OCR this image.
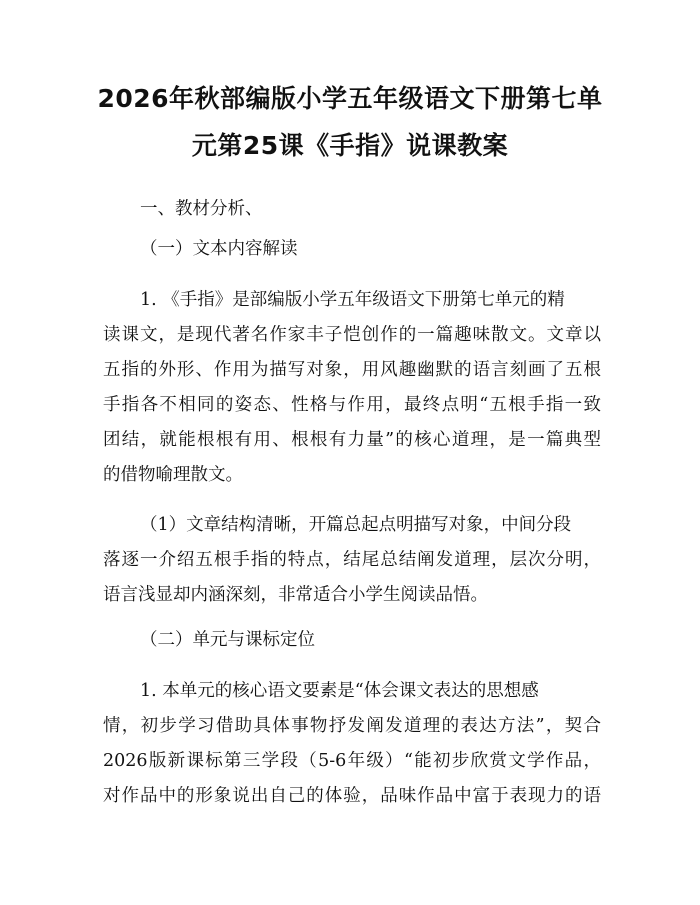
2026年秋部编版小学五年级语文下册第七单
元第25课《手指》说课教案
一、教材分析、
（一）文本内容解读
1. 《手指》是部编版小学五年级语文下册第七单元的精
读课文，是现代著名作家丰子恺创作的一篇趣味散文。文章以
五指的外形、作用为描写对象，用风趣幽默的语言刻画了五根
手指各不相同的姿态、性格与作用，最终点明“五根手指一致
团结，就能根根有用、根根有力量”的核心道理，是一篇典型
的借物喻理散文。
（1）文章结构清晰，开篇总起点明描写对象，中间分段
落逐一介绍五根手指的特点，结尾总结阐发道理，层次分明，
语言浅显却内涵深刻，非常适合小学生阅读品悟。
（二）单元与课标定位
1. 本单元的核心语文要素是“体会课文表达的思想感
情，初步学习借助具体事物抒发阐发道理的表达方法”，契合
2026版新课标第三学段（5-6年级）“能初步欣赏文学作品，
对作品中的形象说出自己的体验，品味作品中富于表现力的语
